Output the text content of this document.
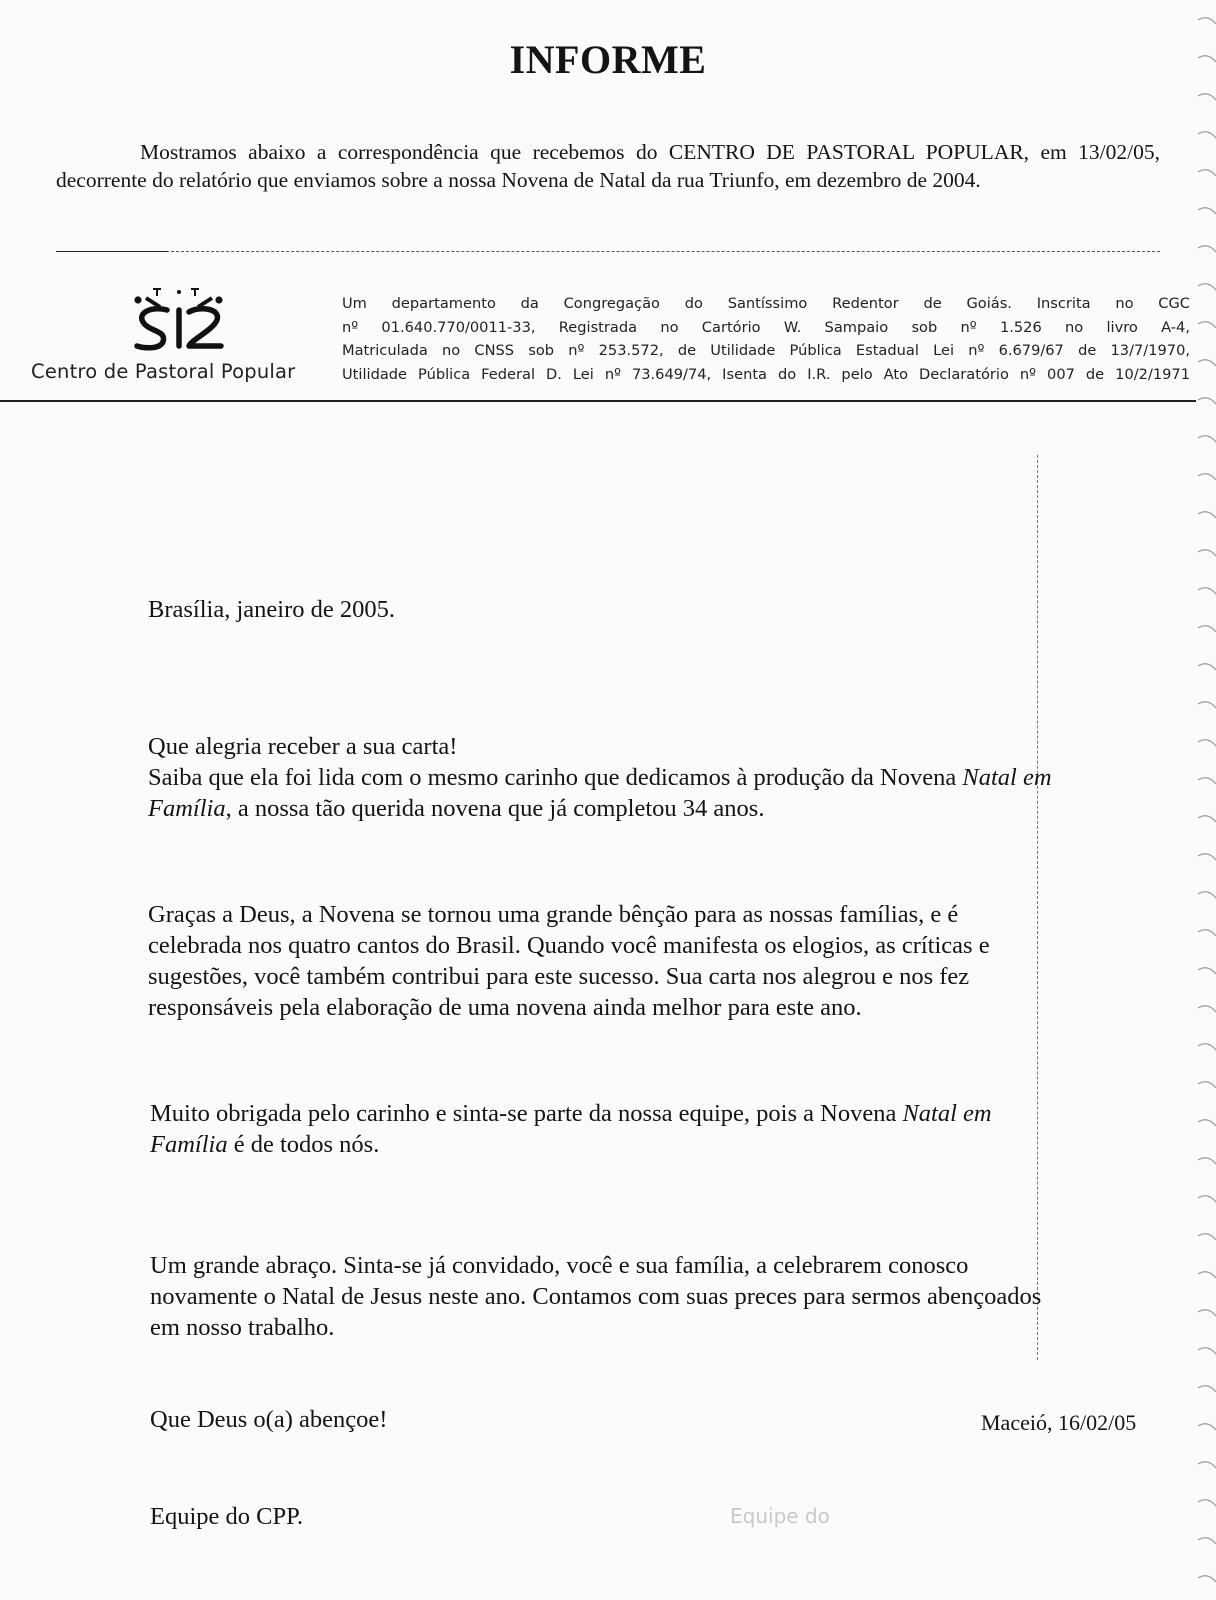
INFORME
Mostramos abaixo a correspondência que recebemos do CENTRO DE PASTORAL POPULAR, em 13/02/05, decorrente do relatório que enviamos sobre a nossa Novena de Natal da rua Triunfo, em dezembro de 2004.
Centro de Pastoral Popular
Um departamento da Congregação do Santíssimo Redentor de Goiás. Inscrita no CGC
nº 01.640.770/0011-33, Registrada no Cartório W. Sampaio sob nº 1.526 no livro A-4,
Matriculada no CNSS sob nº 253.572, de Utilidade Pública Estadual Lei nº 6.679/67 de 13/7/1970,
Utilidade Pública Federal D. Lei nº 73.649/74, Isenta do I.R. pelo Ato Declaratório nº 007 de 10/2/1971
Brasília, janeiro de 2005.
Que alegria receber a sua carta!
Saiba que ela foi lida com o mesmo carinho que dedicamos à produção da Novena Natal em Família, a nossa tão querida novena que já completou 34 anos.
Graças a Deus, a Novena se tornou uma grande bênção para as nossas famílias, e é celebrada nos quatro cantos do Brasil. Quando você manifesta os elogios, as críticas e sugestões, você também contribui para este sucesso. Sua carta nos alegrou e nos fez responsáveis pela elaboração de uma novena ainda melhor para este ano.
Muito obrigada pelo carinho e sinta-se parte da nossa equipe, pois a Novena Natal em Família é de todos nós.
Um grande abraço. Sinta-se já convidado, você e sua família, a celebrarem conosco novamente o Natal de Jesus neste ano. Contamos com suas preces para sermos abençoados em nosso trabalho.
Que Deus o(a) abençoe!
Equipe do CPP.
Maceió, 16/02/05
Equipe do
